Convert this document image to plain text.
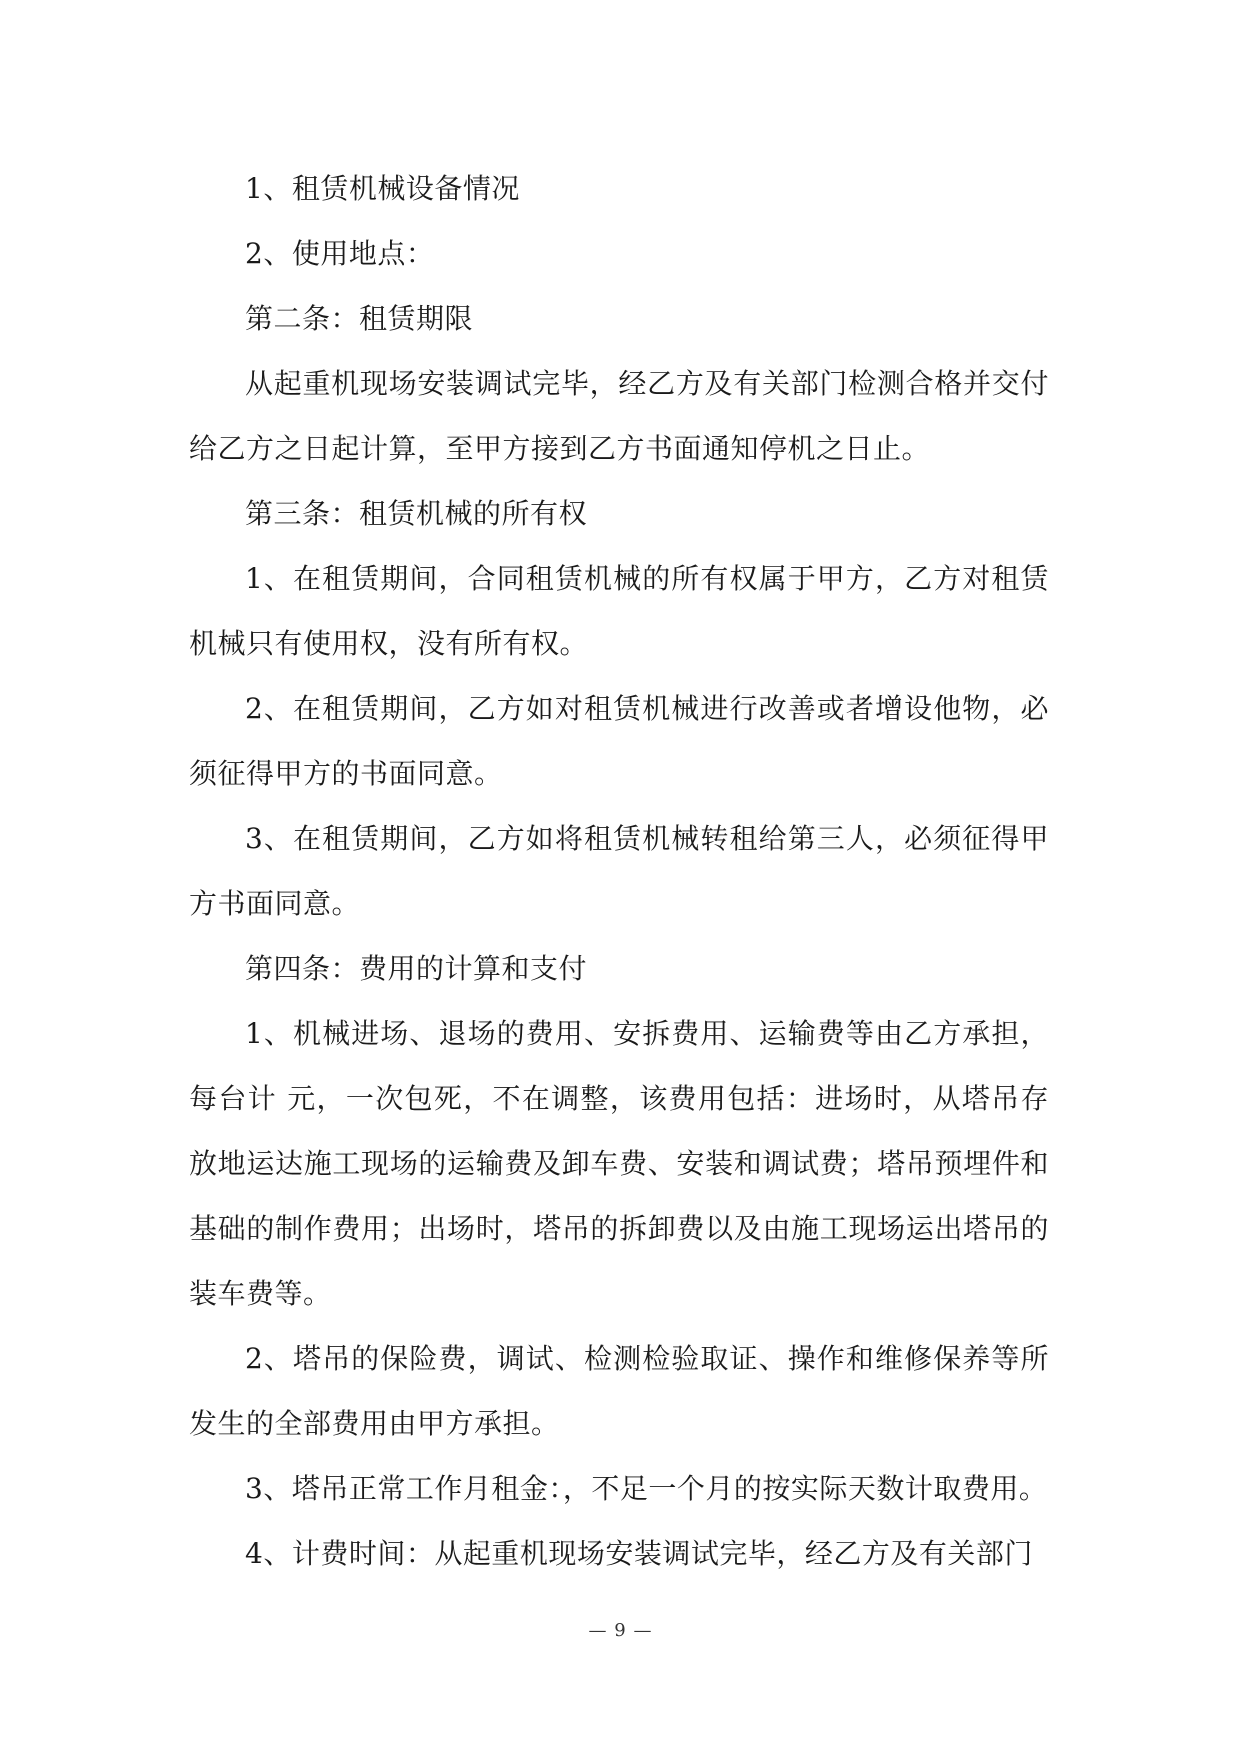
1、租赁机械设备情况

2、使用地点：

第二条：租赁期限

从起重机现场安装调试完毕，经乙方及有关部门检测合格并交付给乙方之日起计算，至甲方接到乙方书面通知停机之日止。

第三条：租赁机械的所有权

1、在租赁期间，合同租赁机械的所有权属于甲方，乙方对租赁机械只有使用权，没有所有权。

2、在租赁期间，乙方如对租赁机械进行改善或者增设他物，必须征得甲方的书面同意。

3、在租赁期间，乙方如将租赁机械转租给第三人，必须征得甲方书面同意。

第四条：费用的计算和支付

1、机械进场、退场的费用、安拆费用、运输费等由乙方承担，每台计 元，一次包死，不在调整，该费用包括：进场时，从塔吊存放地运达施工现场的运输费及卸车费、安装和调试费；塔吊预埋件和基础的制作费用；出场时，塔吊的拆卸费以及由施工现场运出塔吊的装车费等。

2、塔吊的保险费，调试、检测检验取证、操作和维修保养等所发生的全部费用由甲方承担。

3、塔吊正常工作月租金：，不足一个月的按实际天数计取费用。

4、计费时间：从起重机现场安装调试完毕，经乙方及有关部门

— 9 —
